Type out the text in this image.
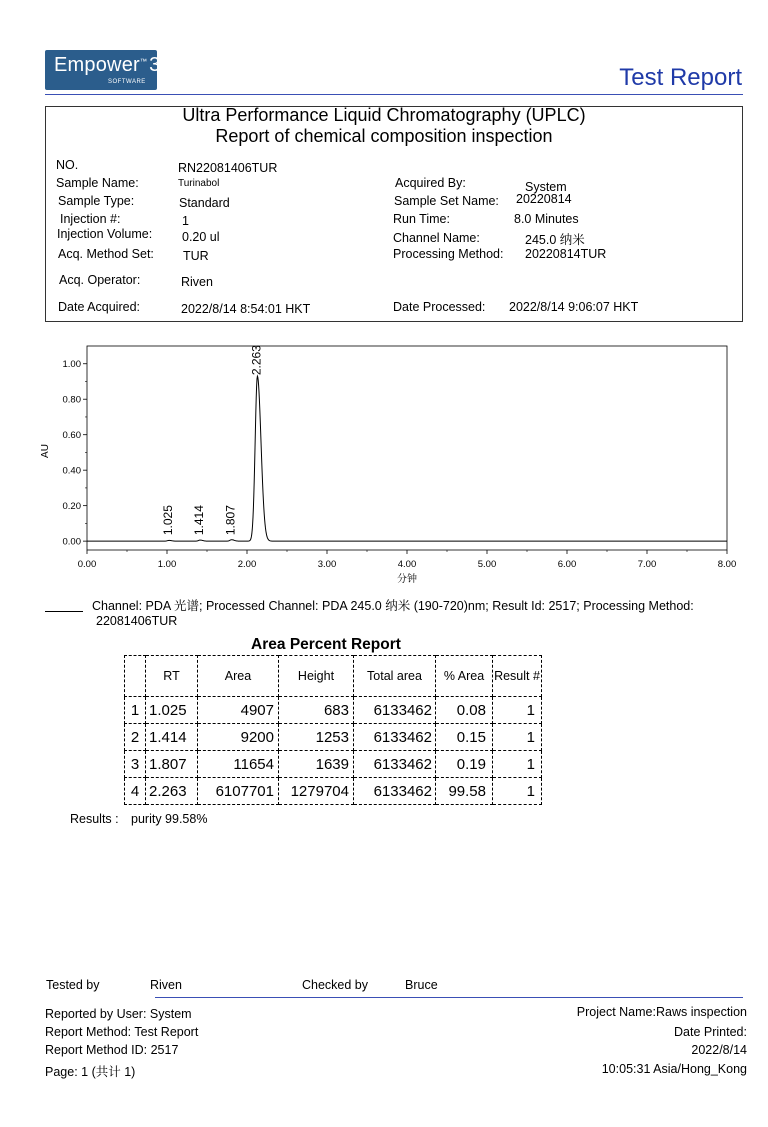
Empower™ 3
SOFTWARE	Test Report
Ultra Performance Liquid Chromatography (UPLC)
Report of chemical composition inspection
NO.	RN22081406TUR
Sample Name:	Turinabol
Sample Type:	Standard
Injection #:	1
Injection Volume: 0.20 ul
Acq. Method Set: TUR
Acq. Operator:	Riven
Date Acquired:	2022/8/14 8:54:01 HKT
Acquired By:	System
Sample Set Name: 20220814
Run Time:	8.0 Minutes
Channel Name:	245.0 纳米
Processing Method: 20220814TUR
Date Processed: 2022/8/14 9:06:07 HKT
0.00
0.20
0.40
0.60
0.80
1.00
0.00	1.00	2.00	3.00	4.00	5.00	6.00	7.00	8.00
1.025 1.414 1.807
2.263
AU
分钟
Channel: PDA 光谱; Processed Channel: PDA 245.0 纳米 (190-720)nm; Result Id: 2517; Processing Method:
22081406TUR
Area Percent Report
	RT	Area	Height	Total area	% Area	Result #
1	1.025	4907	683	6133462	0.08	1
2	1.414	9200	1253	6133462	0.15	1
3	1.807	11654	1639	6133462	0.19	1
4	2.263	6107701	1279704	6133462	99.58	1
Results : purity 99.58%
Tested by	Riven	Checked by	Bruce
Reported by User: System
Report Method: Test Report
Report Method ID: 2517
Page: 1 (共计 1)
Project Name:Raws inspection
Date Printed:
2022/8/14
10:05:31 Asia/Hong_Kong
